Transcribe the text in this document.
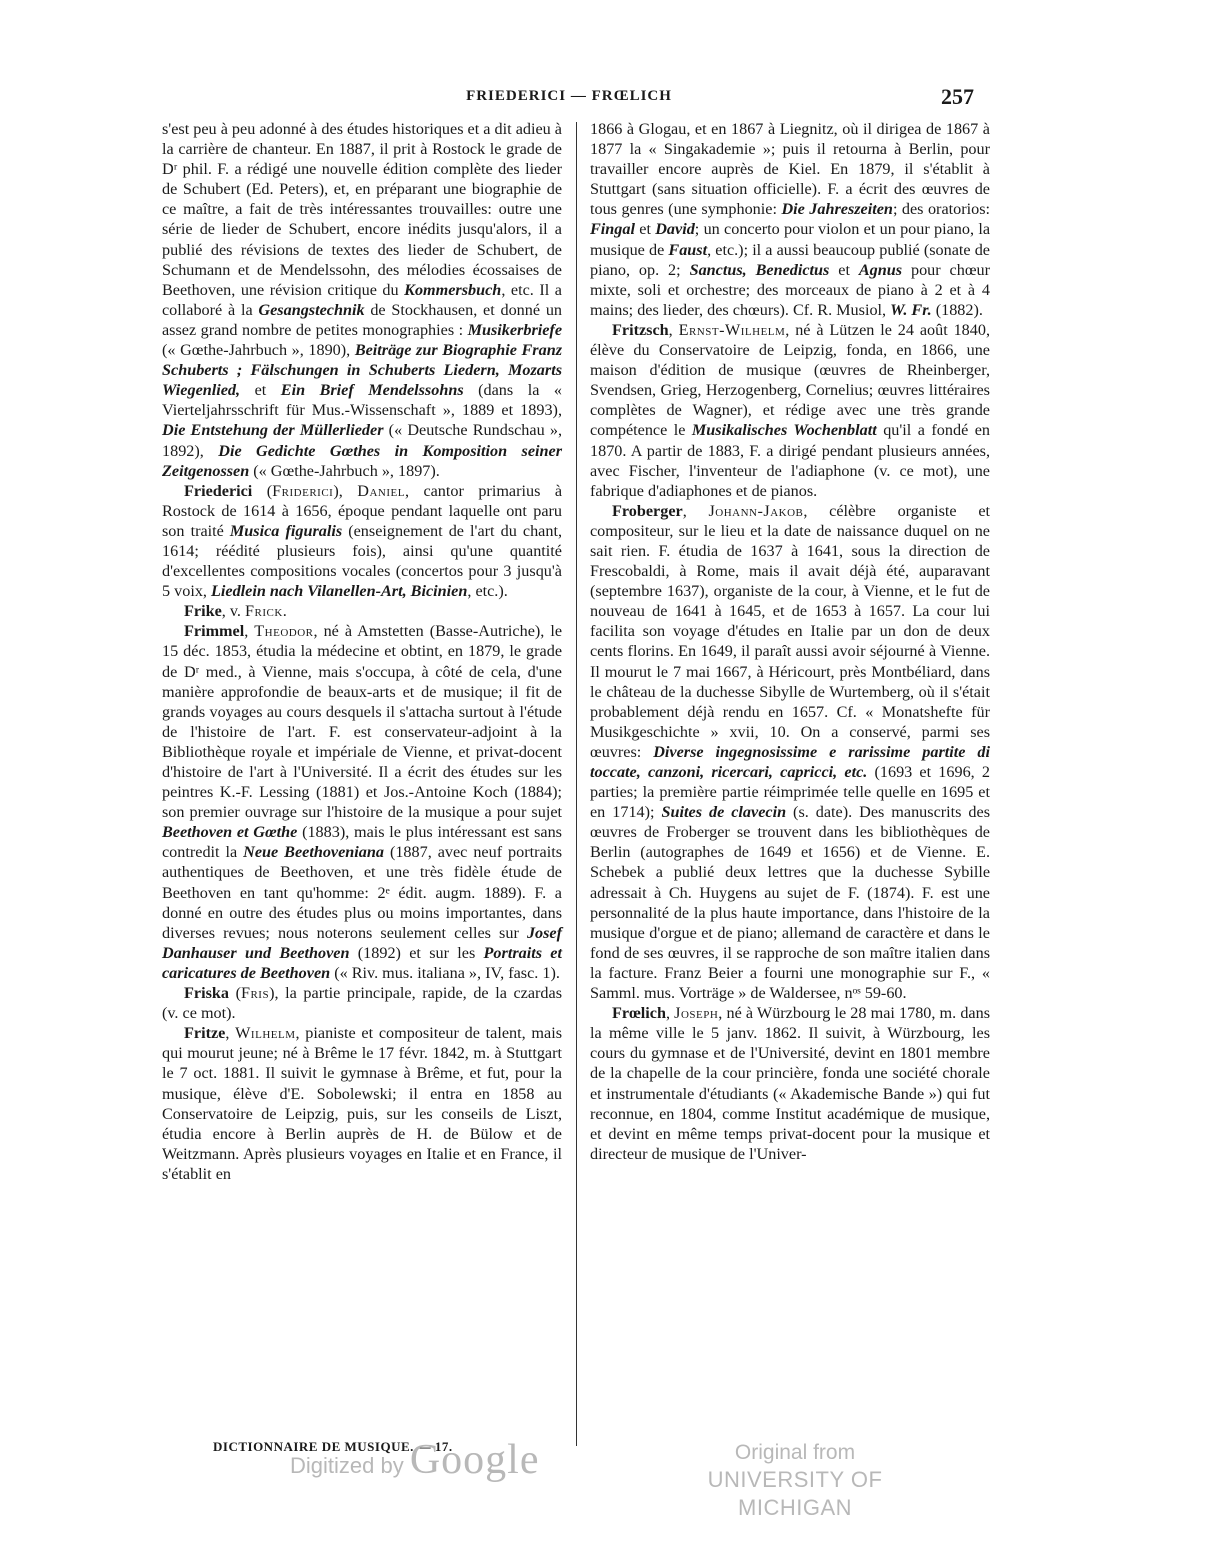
FRIEDERICI — FRŒLICH	257

s'est peu à peu adonné à des études historiques et a dit adieu à la carrière de chanteur. En 1887, il prit à Rostock le grade de Dʳ phil. F. a rédigé une nouvelle édition complète des lieder de Schubert (Ed. Peters), et, en préparant une biographie de ce maître, a fait de très intéressantes trouvailles: outre une série de lieder de Schubert, encore inédits jusqu'alors, il a publié des révisions de textes des lieder de Schubert, de Schumann et de Mendelssohn, des mélodies écossaises de Beethoven, une révision critique du Kommersbuch, etc. Il a collaboré à la Gesangstechnik de Stockhausen, et donné un assez grand nombre de petites monographies : Musikerbriefe (« Gœthe-Jahrbuch », 1890), Beiträge zur Biographie Franz Schuberts ; Fälschungen in Schuberts Liedern, Mozarts Wiegenlied, et Ein Brief Mendelssohns (dans la « Vierteljahrsschrift für Mus.-Wissenschaft », 1889 et 1893), Die Entstehung der Müllerlieder (« Deutsche Rundschau », 1892), Die Gedichte Gœthes in Komposition seiner Zeitgenossen (« Gœthe-Jahrbuch », 1897).

Friederici (Friderici), Daniel, cantor primarius à Rostock de 1614 à 1656, époque pendant laquelle ont paru son traité Musica figuralis (enseignement de l'art du chant, 1614; réédité plusieurs fois), ainsi qu'une quantité d'excellentes compositions vocales (concertos pour 3 jusqu'à 5 voix, Liedlein nach Vilanellen-Art, Bicinien, etc.).

Frike, v. Frick.

Frimmel, Theodor, né à Amstetten (Basse-Autriche), le 15 déc. 1853, étudia la médecine et obtint, en 1879, le grade de Dʳ med., à Vienne, mais s'occupa, à côté de cela, d'une manière approfondie de beaux-arts et de musique; il fit de grands voyages au cours desquels il s'attacha surtout à l'étude de l'histoire de l'art. F. est conservateur-adjoint à la Bibliothèque royale et impériale de Vienne, et privat-docent d'histoire de l'art à l'Université. Il a écrit des études sur les peintres K.-F. Lessing (1881) et Jos.-Antoine Koch (1884); son premier ouvrage sur l'histoire de la musique a pour sujet Beethoven et Gœthe (1883), mais le plus intéressant est sans contredit la Neue Beethoveniana (1887, avec neuf portraits authentiques de Beethoven, et une très fidèle étude de Beethoven en tant qu'homme: 2ᵉ édit. augm. 1889). F. a donné en outre des études plus ou moins importantes, dans diverses revues; nous noterons seulement celles sur Josef Danhauser und Beethoven (1892) et sur les Portraits et caricatures de Beethoven (« Riv. mus. italiana », IV, fasc. 1).

Friska (Fris), la partie principale, rapide, de la czardas (v. ce mot).

Fritze, Wilhelm, pianiste et compositeur de talent, mais qui mourut jeune; né à Brême le 17 févr. 1842, m. à Stuttgart le 7 oct. 1881. Il suivit le gymnase à Brême, et fut, pour la musique, élève d'E. Sobolewski; il entra en 1858 au Conservatoire de Leipzig, puis, sur les conseils de Liszt, étudia encore à Berlin auprès de H. de Bülow et de Weitzmann. Après plusieurs voyages en Italie et en France, il s'établit en

1866 à Glogau, et en 1867 à Liegnitz, où il dirigea de 1867 à 1877 la « Singakademie »; puis il retourna à Berlin, pour travailler encore auprès de Kiel. En 1879, il s'établit à Stuttgart (sans situation officielle). F. a écrit des œuvres de tous genres (une symphonie: Die Jahreszeiten; des oratorios: Fingal et David; un concerto pour violon et un pour piano, la musique de Faust, etc.); il a aussi beaucoup publié (sonate de piano, op. 2; Sanctus, Benedictus et Agnus pour chœur mixte, soli et orchestre; des morceaux de piano à 2 et à 4 mains; des lieder, des chœurs). Cf. R. Musiol, W. Fr. (1882).

Fritzsch, Ernst-Wilhelm, né à Lützen le 24 août 1840, élève du Conservatoire de Leipzig, fonda, en 1866, une maison d'édition de musique (œuvres de Rheinberger, Svendsen, Grieg, Herzogenberg, Cornelius; œuvres littéraires complètes de Wagner), et rédige avec une très grande compétence le Musikalisches Wochenblatt qu'il a fondé en 1870. A partir de 1883, F. a dirigé pendant plusieurs années, avec Fischer, l'inventeur de l'adiaphone (v. ce mot), une fabrique d'adiaphones et de pianos.

Froberger, Johann-Jakob, célèbre organiste et compositeur, sur le lieu et la date de naissance duquel on ne sait rien. F. étudia de 1637 à 1641, sous la direction de Frescobaldi, à Rome, mais il avait déjà été, auparavant (septembre 1637), organiste de la cour, à Vienne, et le fut de nouveau de 1641 à 1645, et de 1653 à 1657. La cour lui facilita son voyage d'études en Italie par un don de deux cents florins. En 1649, il paraît aussi avoir séjourné à Vienne. Il mourut le 7 mai 1667, à Héricourt, près Montbéliard, dans le château de la duchesse Sibylle de Wurtemberg, où il s'était probablement déjà rendu en 1657. Cf. « Monatshefte für Musikgeschichte » xvii, 10. On a conservé, parmi ses œuvres: Diverse ingegnosissime e rarissime partite di toccate, canzoni, ricercari, capricci, etc. (1693 et 1696, 2 parties; la première partie réimprimée telle quelle en 1695 et en 1714); Suites de clavecin (s. date). Des manuscrits des œuvres de Froberger se trouvent dans les bibliothèques de Berlin (autographes de 1649 et 1656) et de Vienne. E. Schebek a publié deux lettres que la duchesse Sybille adressait à Ch. Huygens au sujet de F. (1874). F. est une personnalité de la plus haute importance, dans l'histoire de la musique d'orgue et de piano; allemand de caractère et dans le fond de ses œuvres, il se rapproche de son maître italien dans la facture. Franz Beier a fourni une monographie sur F., « Samml. mus. Vorträge » de Waldersee, nᵒˢ 59-60.

Frœlich, Joseph, né à Würzbourg le 28 mai 1780, m. dans la même ville le 5 janv. 1862. Il suivit, à Würzbourg, les cours du gymnase et de l'Université, devint en 1801 membre de la chapelle de la cour princière, fonda une société chorale et instrumentale d'étudiants (« Akademische Bande ») qui fut reconnue, en 1804, comme Institut académique de musique, et devint en même temps privat-docent pour la musique et directeur de musique de l'Univer-

DICTIONNAIRE DE MUSIQUE. — 17.
Digitized by Google	Original from
UNIVERSITY OF MICHIGAN
